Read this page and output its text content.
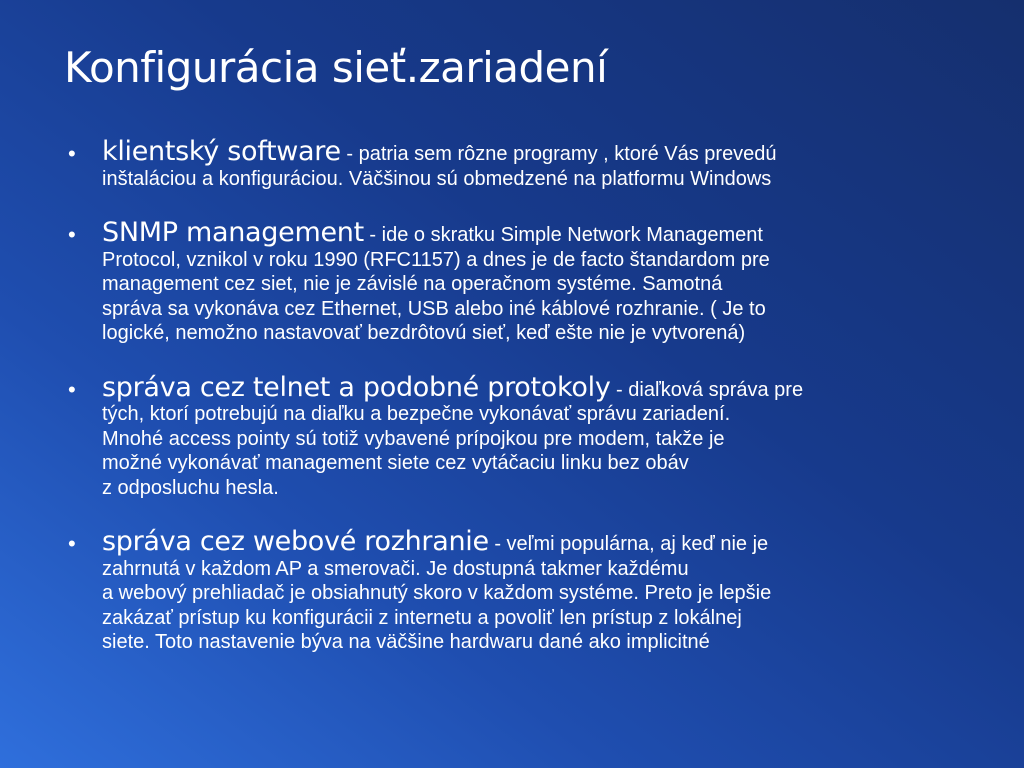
Konfigurácia sieť.zariadení
• klientský software - patria sem rôzne programy , ktoré Vás prevedú
inštaláciou a konfiguráciou. Väčšinou sú obmedzené na platformu Windows
• SNMP management - ide o skratku Simple Network Management
Protocol, vznikol v roku 1990 (RFC1157) a dnes je de facto štandardom pre
management cez siet, nie je závislé na operačnom systéme. Samotná
správa sa vykonáva cez Ethernet, USB alebo iné káblové rozhranie. ( Je to
logické, nemožno nastavovať bezdrôtovú sieť, keď ešte nie je vytvorená)
• správa cez telnet a podobné protokoly - diaľková správa pre
tých, ktorí potrebujú na diaľku a bezpečne vykonávať správu zariadení.
Mnohé access pointy sú totiž vybavené prípojkou pre modem, takže je
možné vykonávať management siete cez vytáčaciu linku bez obáv
z odposluchu hesla.
• správa cez webové rozhranie - veľmi populárna, aj keď nie je
zahrnutá v každom AP a smerovači. Je dostupná takmer každému
a webový prehliadač je obsiahnutý skoro v každom systéme. Preto je lepšie
zakázať prístup ku konfigurácii z internetu a povoliť len prístup z lokálnej
siete. Toto nastavenie býva na väčšine hardwaru dané ako implicitné
